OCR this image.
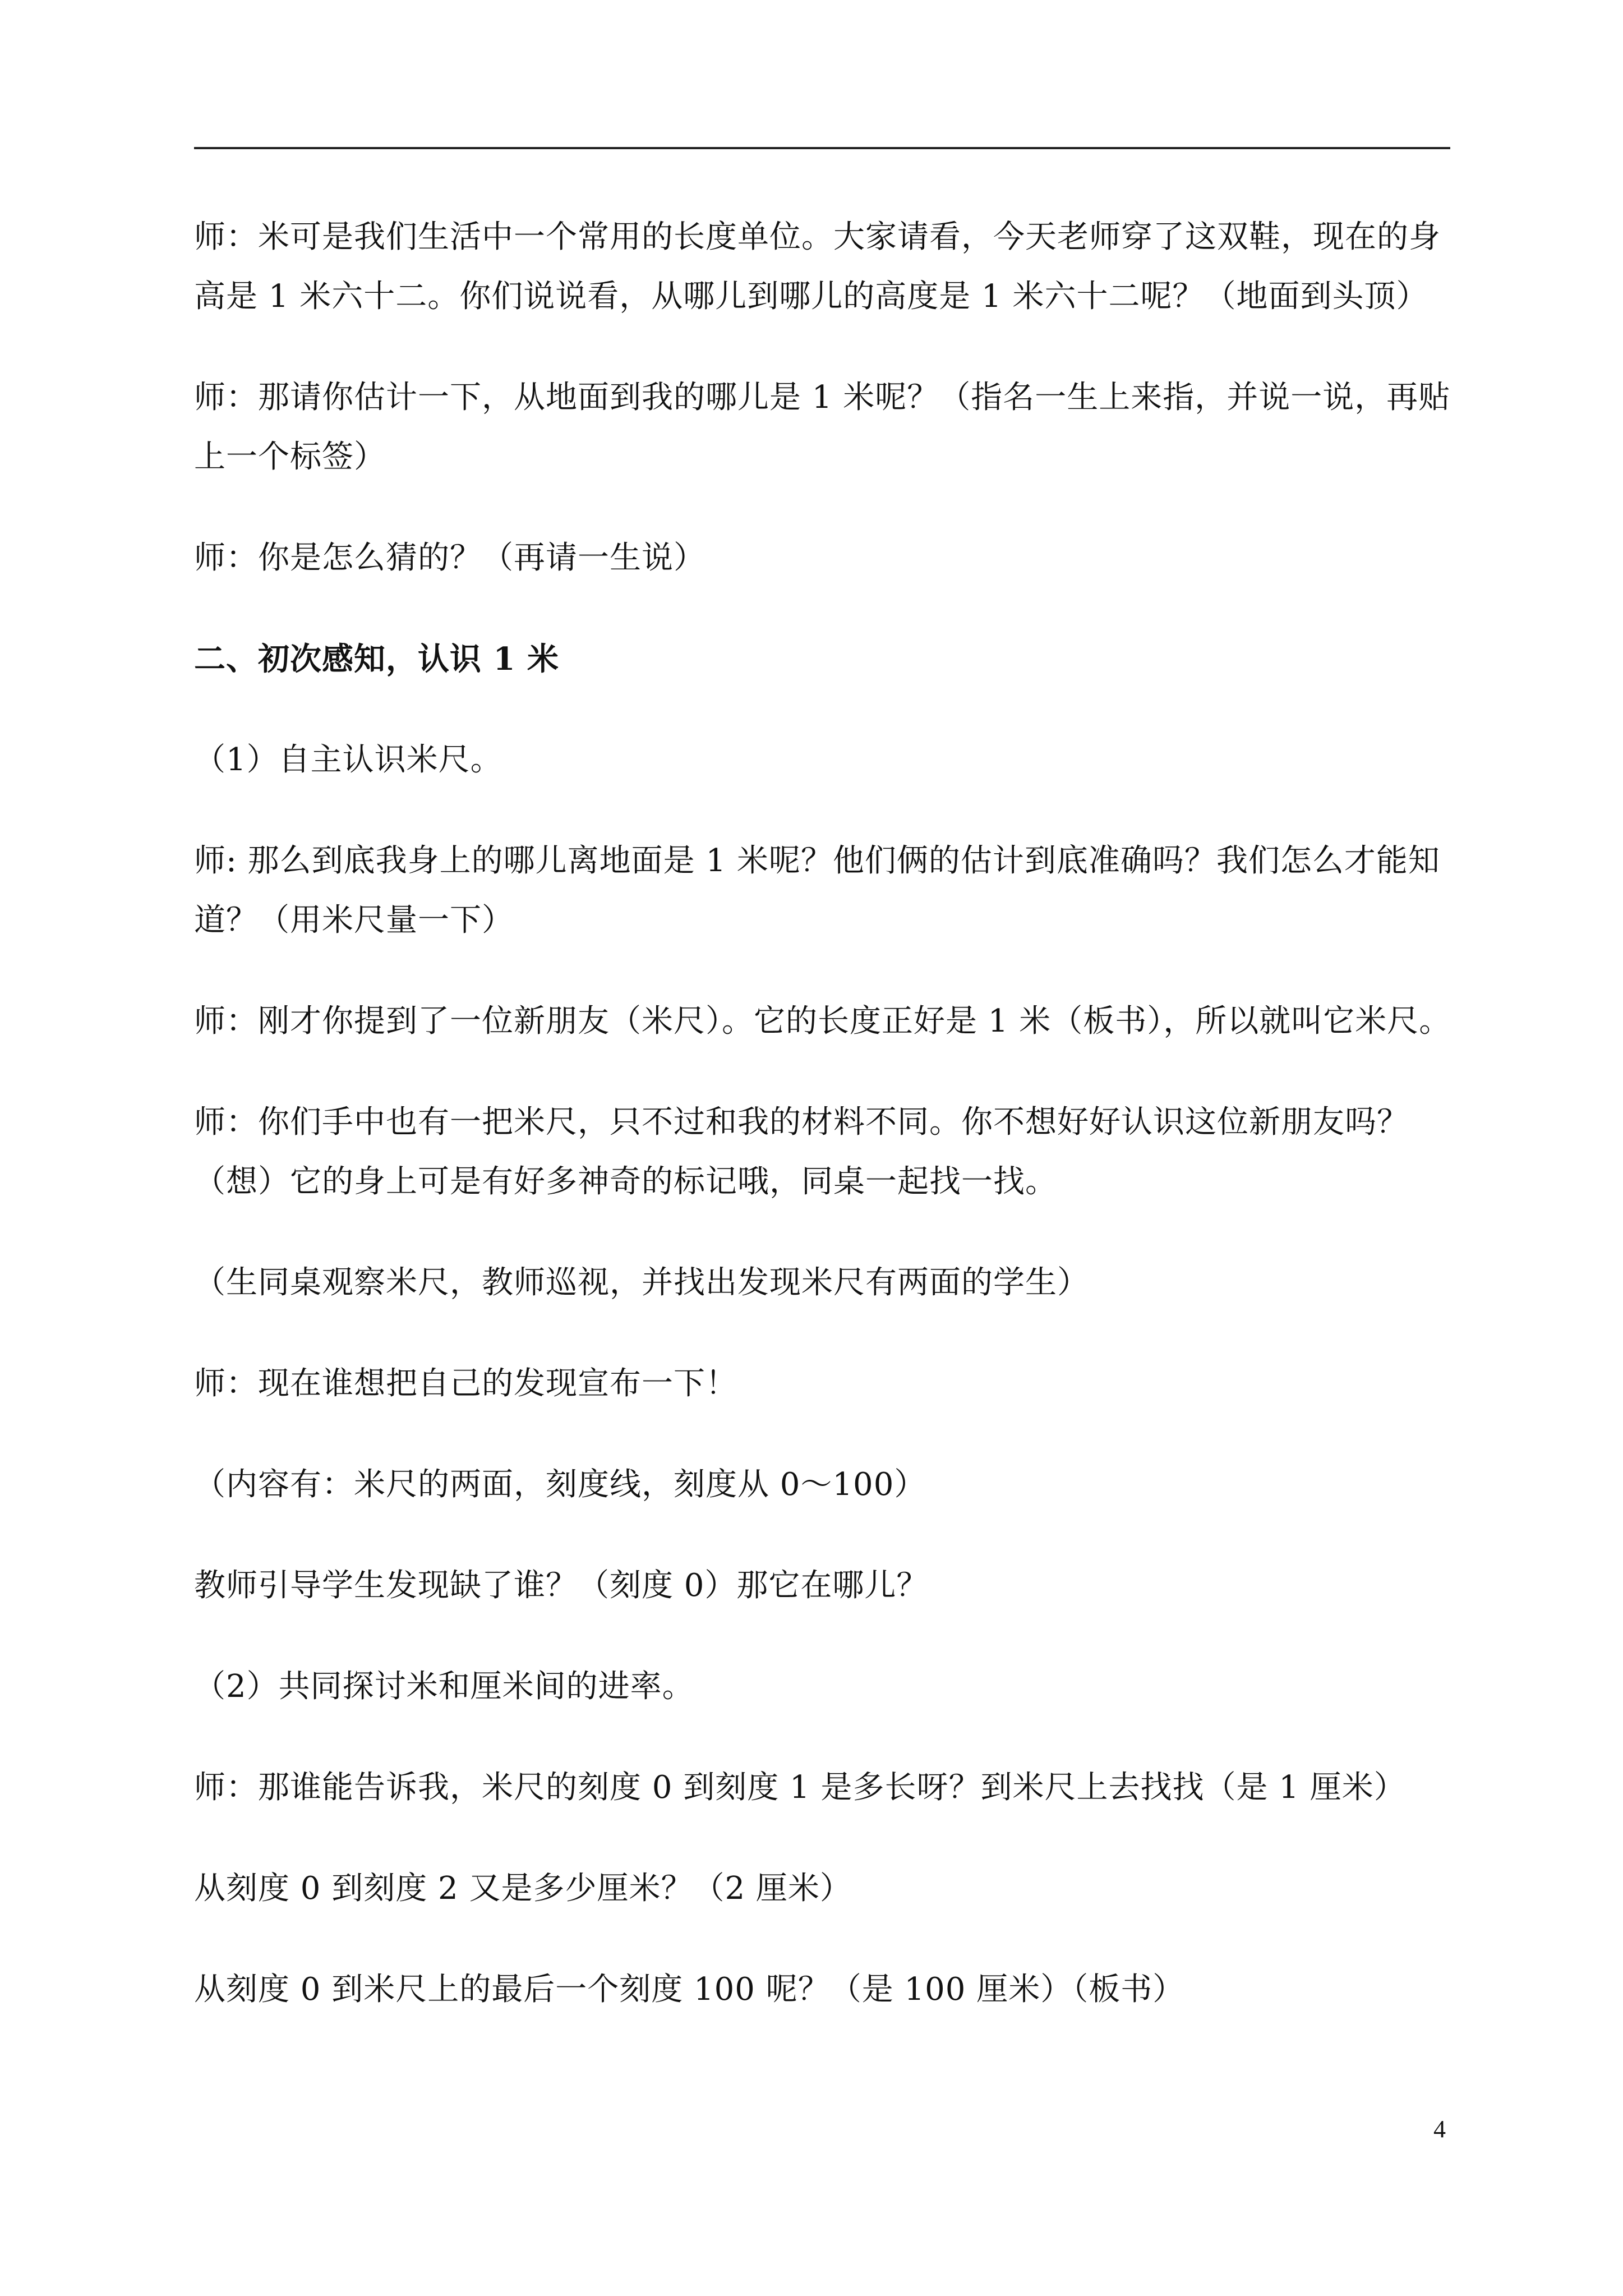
师：米可是我们生活中一个常用的长度单位。大家请看，今天老师穿了这双鞋，现在的身高是 1 米六十二。你们说说看，从哪儿到哪儿的高度是 1 米六十二呢？（地面到头顶）

师：那请你估计一下，从地面到我的哪儿是 1 米呢？（指名一生上来指，并说一说，再贴上一个标签）

师：你是怎么猜的？（再请一生说）

二、初次感知，认识 1 米

（1）自主认识米尺。

师: 那么到底我身上的哪儿离地面是 1 米呢？他们俩的估计到底准确吗？我们怎么才能知道？（用米尺量一下）

师：刚才你提到了一位新朋友（米尺）。它的长度正好是 1 米（板书），所以就叫它米尺。

师：你们手中也有一把米尺，只不过和我的材料不同。你不想好好认识这位新朋友吗？（想）它的身上可是有好多神奇的标记哦，同桌一起找一找。

（生同桌观察米尺，教师巡视，并找出发现米尺有两面的学生）

师：现在谁想把自己的发现宣布一下！

（内容有：米尺的两面，刻度线，刻度从 0～100）

教师引导学生发现缺了谁？（刻度 0）那它在哪儿？

（2）共同探讨米和厘米间的进率。

师：那谁能告诉我，米尺的刻度 0 到刻度 1 是多长呀？到米尺上去找找（是 1 厘米）

从刻度 0 到刻度 2 又是多少厘米？（2 厘米）

从刻度 0 到米尺上的最后一个刻度 100 呢？（是 100 厘米）（板书）

4
